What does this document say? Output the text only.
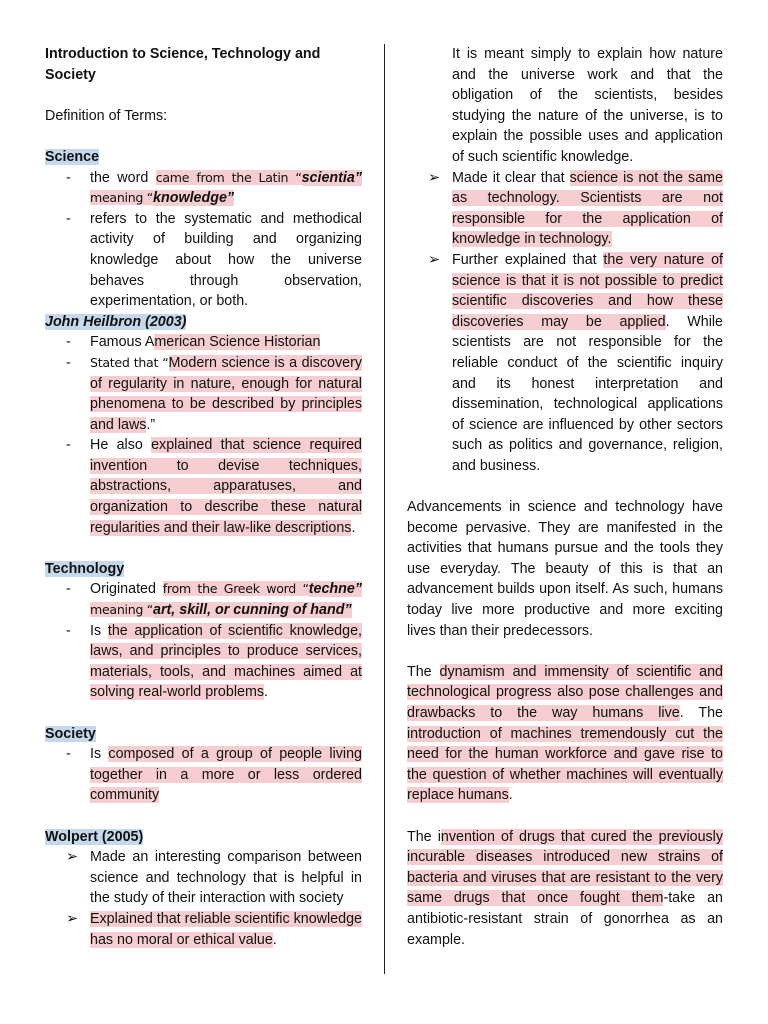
Introduction to Science, Technology and Society

Definition of Terms:

Science

- the word came from the Latin “scientia” meaning “knowledge”
- refers to the systematic and methodical activity of building and organizing knowledge about how the universe behaves through observation, experimentation, or both.

John Heilbron (2003)

- Famous American Science Historian
- Stated that “Modern science is a discovery of regularity in nature, enough for natural phenomena to be described by principles and laws.”
- He also explained that science required invention to devise techniques, abstractions, apparatuses, and organization to describe these natural regularities and their law-like descriptions.

Technology

- Originated from the Greek word “techne” meaning “art, skill, or cunning of hand”
- Is the application of scientific knowledge, laws, and principles to produce services, materials, tools, and machines aimed at solving real-world problems.

Society

- Is composed of a group of people living together in a more or less ordered community

Wolpert (2005)

➢ Made an interesting comparison between science and technology that is helpful in the study of their interaction with society
➢ Explained that reliable scientific knowledge has no moral or ethical value.

It is meant simply to explain how nature and the universe work and that the obligation of the scientists, besides studying the nature of the universe, is to explain the possible uses and application of such scientific knowledge.

➢ Made it clear that science is not the same as technology. Scientists are not responsible for the application of knowledge in technology.
➢ Further explained that the very nature of science is that it is not possible to predict scientific discoveries and how these discoveries may be applied. While scientists are not responsible for the reliable conduct of the scientific inquiry and its honest interpretation and dissemination, technological applications of science are influenced by other sectors such as politics and governance, religion, and business.

Advancements in science and technology have become pervasive. They are manifested in the activities that humans pursue and the tools they use everyday. The beauty of this is that an advancement builds upon itself. As such, humans today live more productive and more exciting lives than their predecessors.

The dynamism and immensity of scientific and technological progress also pose challenges and drawbacks to the way humans live. The introduction of machines tremendously cut the need for the human workforce and gave rise to the question of whether machines will eventually replace humans.

The invention of drugs that cured the previously incurable diseases introduced new strains of bacteria and viruses that are resistant to the very same drugs that once fought them-take an antibiotic-resistant strain of gonorrhea as an example.
